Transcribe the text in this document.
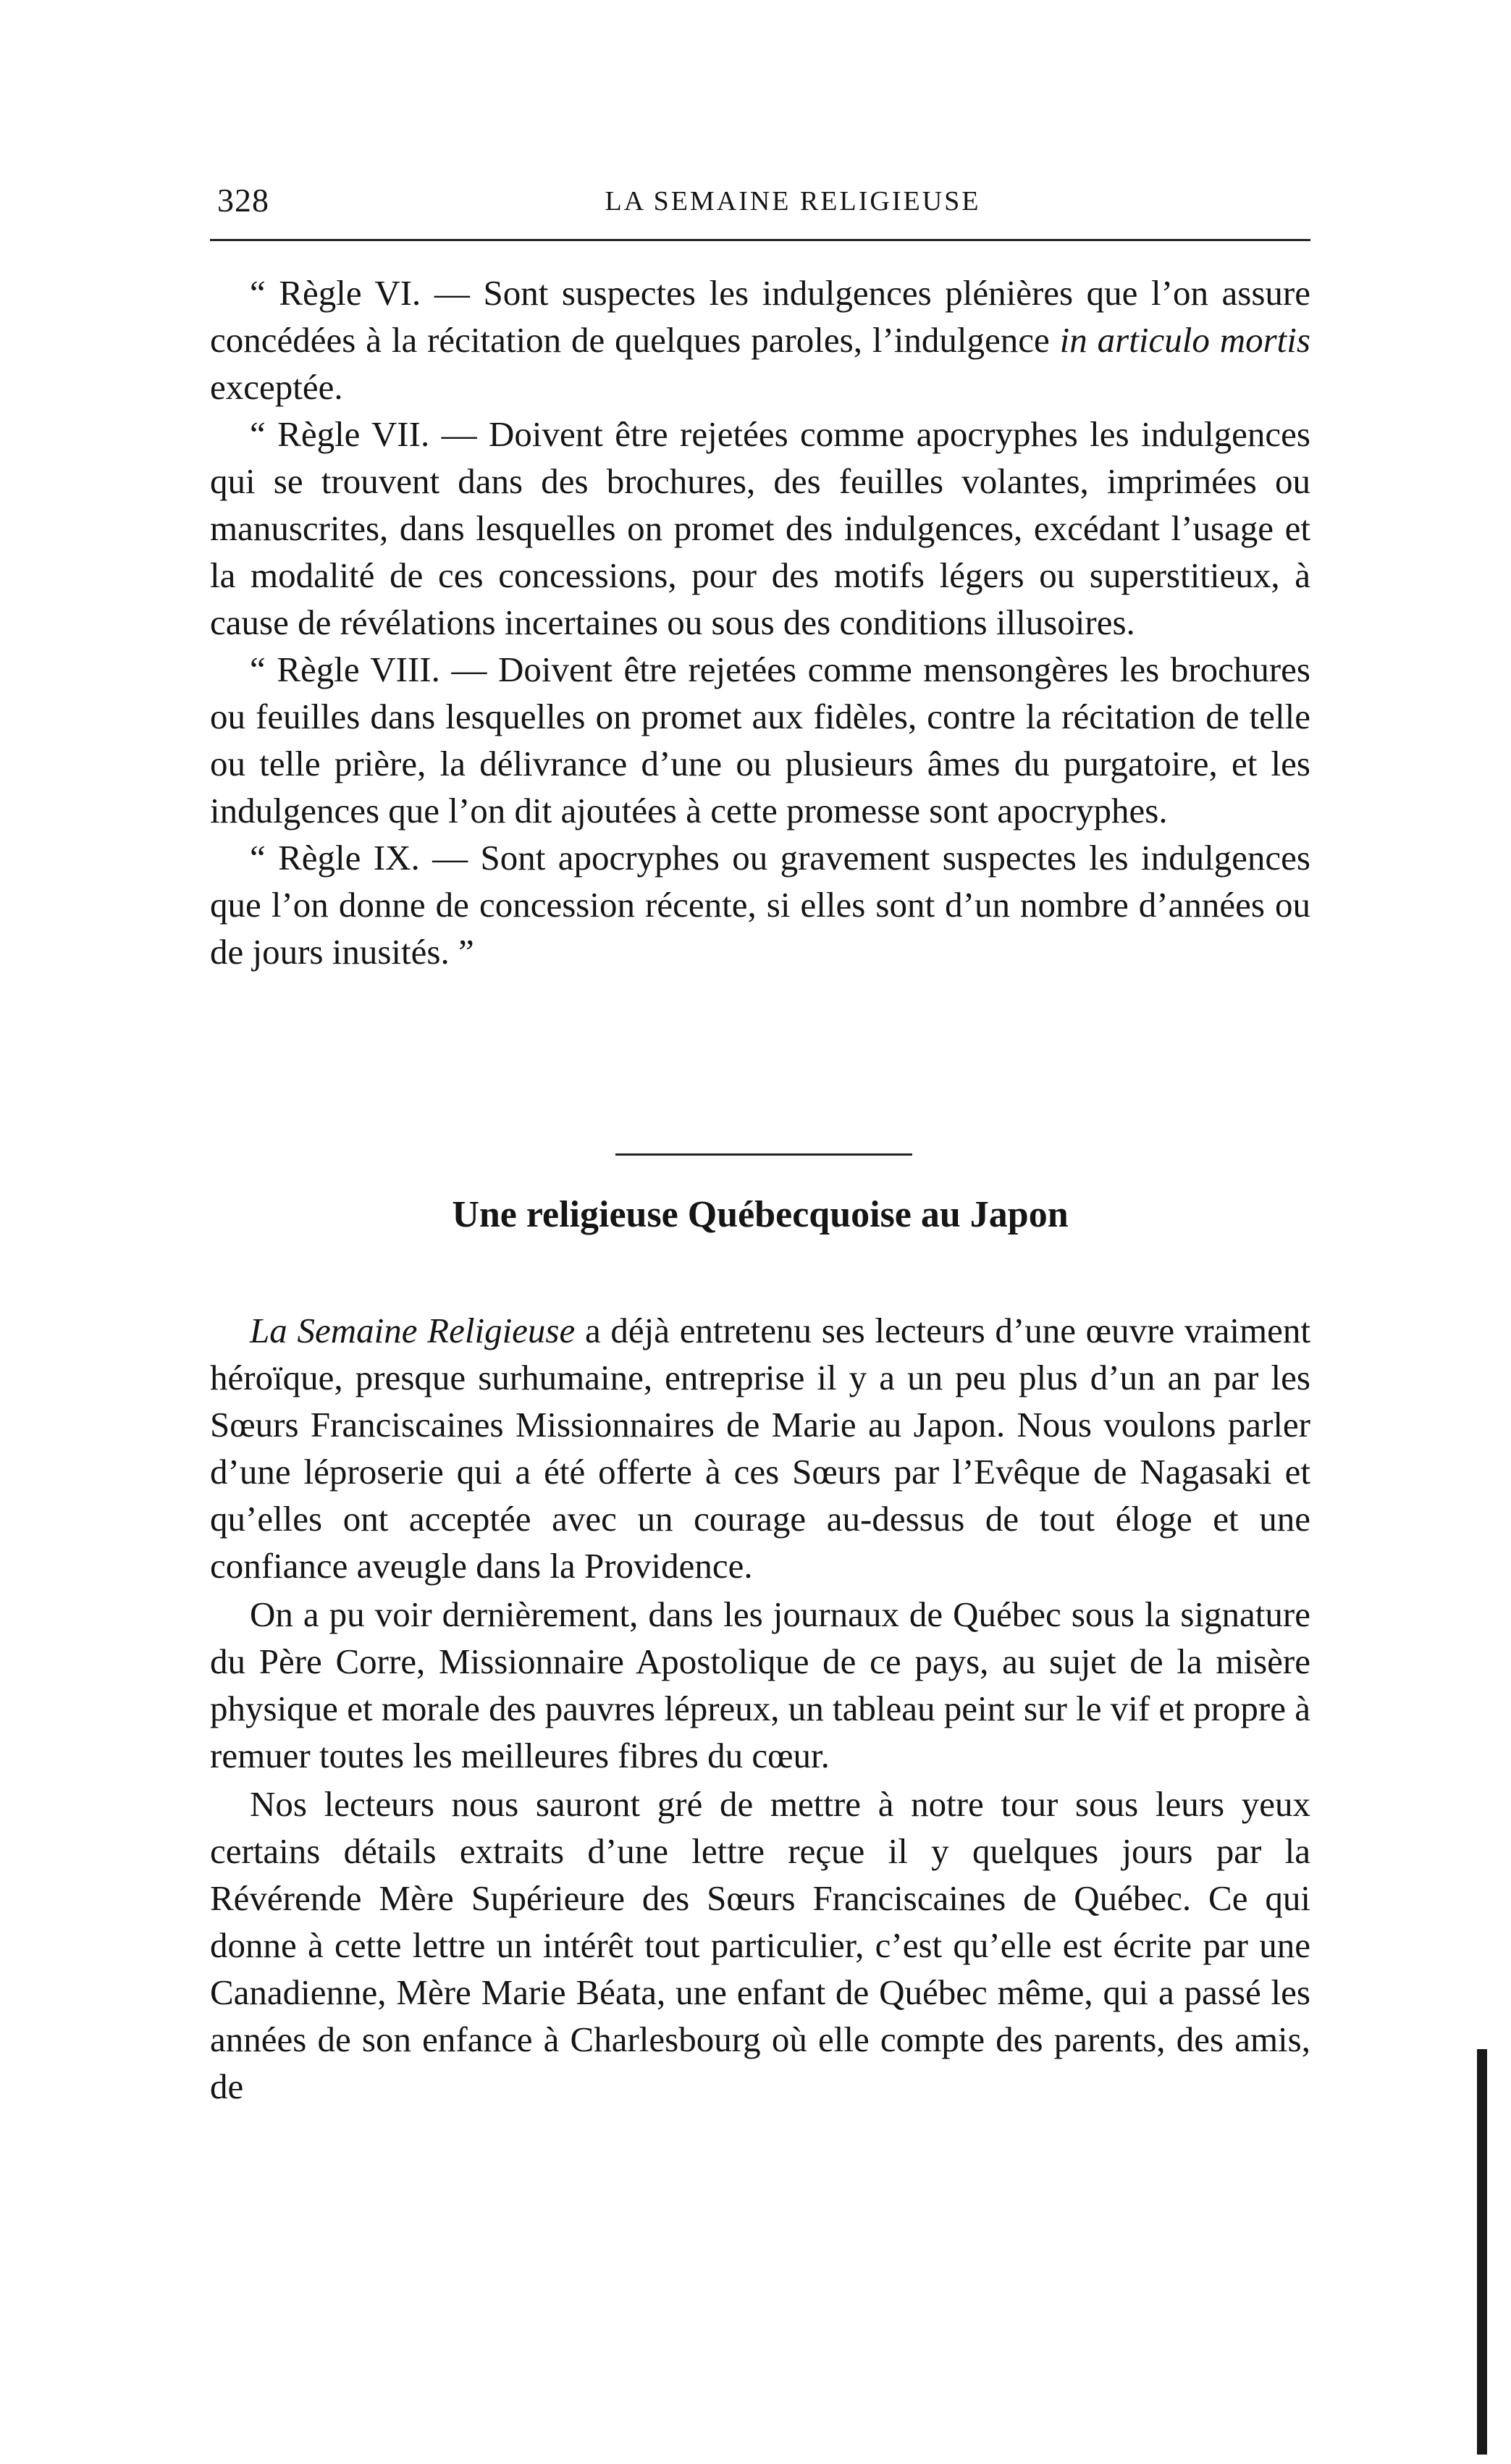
328	LA SEMAINE RELIGIEUSE

“ Règle VI. — Sont suspectes les indulgences plénières que l’on assure concédées à la récitation de quelques paroles, l’indulgence in articulo mortis exceptée.

“ Règle VII. — Doivent être rejetées comme apocryphes les indulgences qui se trouvent dans des brochures, des feuilles volantes, imprimées ou manuscrites, dans lesquelles on promet des indulgences, excédant l’usage et la modalité de ces concessions, pour des motifs légers ou superstitieux, à cause de révélations incertaines ou sous des conditions illusoires.

“ Règle VIII. — Doivent être rejetées comme mensongères les brochures ou feuilles dans lesquelles on promet aux fidèles, contre la récitation de telle ou telle prière, la délivrance d’une ou plusieurs âmes du purgatoire, et les indulgences que l’on dit ajoutées à cette promesse sont apocryphes.

“ Règle IX. — Sont apocryphes ou gravement suspectes les indulgences que l’on donne de concession récente, si elles sont d’un nombre d’années ou de jours inusités. ”

Une religieuse Québecquoise au Japon

La Semaine Religieuse a déjà entretenu ses lecteurs d’une œuvre vraiment héroïque, presque surhumaine, entreprise il y a un peu plus d’un an par les Sœurs Franciscaines Missionnaires de Marie au Japon. Nous voulons parler d’une léproserie qui a été offerte à ces Sœurs par l’Evêque de Nagasaki et qu’elles ont acceptée avec un courage au-dessus de tout éloge et une confiance aveugle dans la Providence.

On a pu voir dernièrement, dans les journaux de Québec sous la signature du Père Corre, Missionnaire Apostolique de ce pays, au sujet de la misère physique et morale des pauvres lépreux, un tableau peint sur le vif et propre à remuer toutes les meilleures fibres du cœur.

Nos lecteurs nous sauront gré de mettre à notre tour sous leurs yeux certains détails extraits d’une lettre reçue il y quelques jours par la Révérende Mère Supérieure des Sœurs Franciscaines de Québec. Ce qui donne à cette lettre un intérêt tout particulier, c’est qu’elle est écrite par une Canadienne, Mère Marie Béata, une enfant de Québec même, qui a passé les années de son enfance à Charlesbourg où elle compte des parents, des amis, de
